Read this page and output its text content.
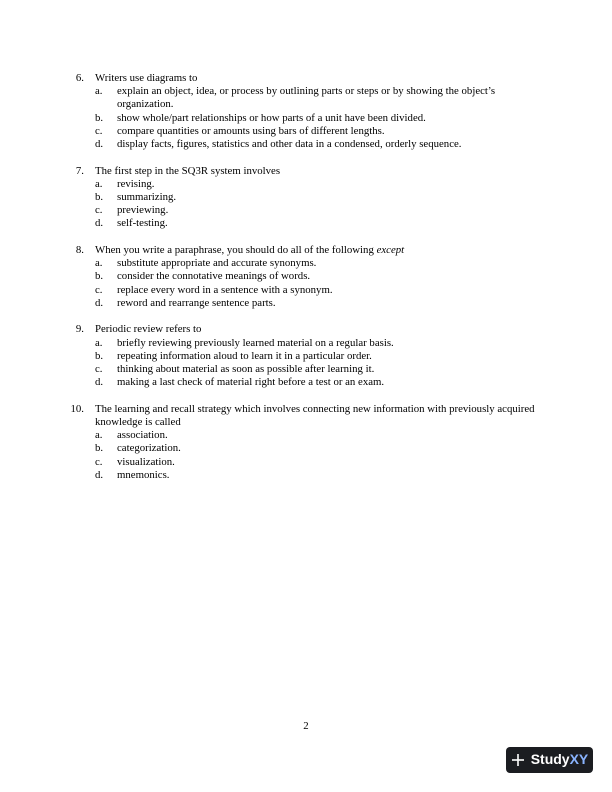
6. Writers use diagrams to
a. explain an object, idea, or process by outlining parts or steps or by showing the object’s organization.
b. show whole/part relationships or how parts of a unit have been divided.
c. compare quantities or amounts using bars of different lengths.
d. display facts, figures, statistics and other data in a condensed, orderly sequence.
7. The first step in the SQ3R system involves
a. revising.
b. summarizing.
c. previewing.
d. self-testing.
8. When you write a paraphrase, you should do all of the following except
a. substitute appropriate and accurate synonyms.
b. consider the connotative meanings of words.
c. replace every word in a sentence with a synonym.
d. reword and rearrange sentence parts.
9. Periodic review refers to
a. briefly reviewing previously learned material on a regular basis.
b. repeating information aloud to learn it in a particular order.
c. thinking about material as soon as possible after learning it.
d. making a last check of material right before a test or an exam.
10. The learning and recall strategy which involves connecting new information with previously acquired knowledge is called
a. association.
b. categorization.
c. visualization.
d. mnemonics.
2
StudyXY
